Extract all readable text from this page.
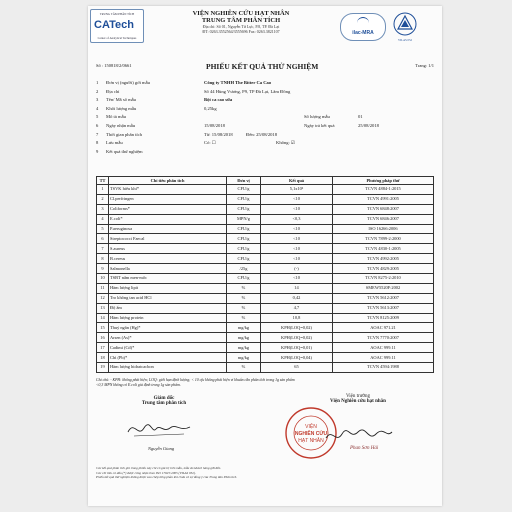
TRUNG TÂM PHÂN TÍCH
CATech
Center of Analytical Techniques
VIỆN NGHIÊN CỨU HẠT NHÂN
TRUNG TÂM PHÂN TÍCH
Địa chỉ: Số 01, Nguyễn Tử Lực, P.8, TP. Đà Lạt
ĐT: 0263.3552564/3555696 Fax: 0263.3821107	ilac-MRA
VILAS 052
Số : 150818/2/0661	PHIẾU KẾT QUẢ THỬ NGHIỆM	Trang: 1/1
1	Đơn vị (người) gởi mẫu	Công ty TNHH The Bitter Ca Cao
2	Địa chỉ	Số 44 Hùng Vương, P9, TP Đà Lạt, Lâm Đồng
3	Tên/ Mã số mẫu	Bột ca cao sữa
4	Khối lượng mẫu	0,25kg
5	Mô tả mẫu	Số lượng mẫu	01
6	Ngày nhận mẫu	15/08/2018	Ngày trả kết quả	25/08/2018
7	Thời gian phân tích	Từ: 15/08/2018	Đến: 25/08/2018
8	Lưu mẫu	Có: ☐	Không: ☑
9	Kết quả thử nghiệm
TT	Chỉ tiêu phân tích	Đơn vị	Kết quả	Phương pháp thử
1	TSVK hiếu khí*	CFU/g	5,1x10³	TCVN 4884-1:2015
2	Cl.perfringen	CFU/g	<10	TCVN 4991:2005
3	Coliforms*	CFU/g	<10	TCVN 6848:2007
4	E.coli*	MPN/g	<0,3	TCVN 6846:2007
5	P.aeruginosa	CFU/g	<10	ISO 16266:2006
6	Streptococci Faecal	CFU/g	<10	TCVN 7899-2:2000
7	S.aureus	CFU/g	<10	TCVN 4830-1:2005
8	B.cereus	CFU/g	<10	TCVN 4992:2005
9	Salmonella	/25g	(-)	TCVN 4829:2005
10	TSBT nấm men-mốc	CFU/g	<10	TCVN 8275-2:2010
11	Hàm lượng lipit	%	14	SMEW5520F:2002
12	Tro không tan acid HCl	%	0,42	TCVN 5612:2007
13	Độ ẩm	%	4,7	TCVN 5613:2007
14	Hàm lượng protein	%	10,8	TCVN 8125:2009
15	Thuỷ ngân (Hg)*	mg/kg	KPH(LOQ=0,02)	AOAC 971.21
16	Arsen (As)*	mg/kg	KPH(LOQ=0,02)	TCVN 7770:2007
17	Cadimi (Cd)*	mg/kg	KPH(LOQ=0,01)	AOAC 999.11
18	Chì (Pb)*	mg/kg	KPH(LOQ=0,04)	AOAC 999.11
19	Hàm lượng hidratcacbon	%	65	TCVN 4594:1988
Ghi chú: - KPH: không phát hiện; LOQ: giới hạn định lượng; < 10 cfu không phát hiện vi khuẩn cần phân tích trong 1g sản phẩm
<0,3 MPN không có E.coli giả định trong 1g sản phẩm.
Giám đốc
Trung tâm phân tích
Nguyễn Giang
Viện trưởng
Viện Nghiên cứu hạt nhân
VIỆN
NGHIÊN CỨU
HẠT NHÂN
Phan Sơn Hải
Các kết quả phân tích ghi trong phiếu này chỉ có giá trị trên mẫu, mẫu do khách hàng gửi đến.
Các chỉ tiêu có dấu (*) được công nhận theo ISO 17025:2005 (VILAS 052).
Phiếu kết quả thử nghiệm không được sao chép từng phần khi chưa có sự đồng ý của Trung tâm Phân tích.
